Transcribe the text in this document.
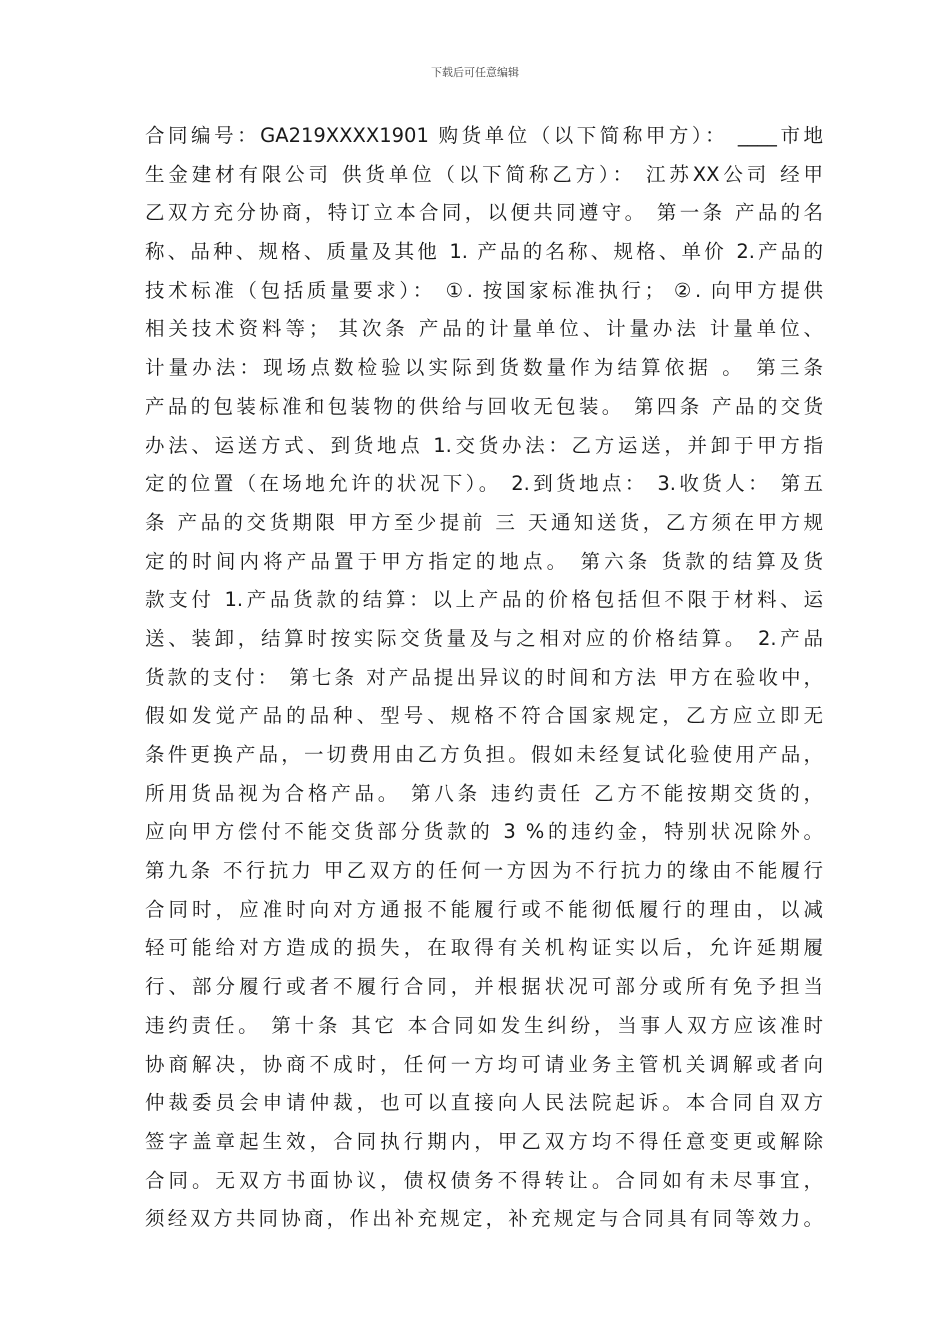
下载后可任意编辑
合同编号：GA219XXXX1901 购货单位（以下简称甲方）： ____市地
生金建材有限公司 供货单位（以下简称乙方）： 江苏XX公司 经甲
乙双方充分协商，特订立本合同，以便共同遵守。 第一条 产品的名
称、品种、规格、质量及其他 1. 产品的名称、规格、单价 2.产品的
技术标准（包括质量要求）： ①. 按国家标准执行； ②. 向甲方提供
相关技术资料等； 其次条 产品的计量单位、计量办法 计量单位、
计量办法：现场点数检验以实际到货数量作为结算依据 。 第三条
产品的包装标准和包装物的供给与回收无包装。 第四条 产品的交货
办法、运送方式、到货地点 1.交货办法：乙方运送，并卸于甲方指
定的位置（在场地允许的状况下）。 2.到货地点： 3.收货人： 第五
条 产品的交货期限 甲方至少提前 三 天通知送货，乙方须在甲方规
定的时间内将产品置于甲方指定的地点。 第六条 货款的结算及货
款支付 1.产品货款的结算：以上产品的价格包括但不限于材料、运
送、装卸，结算时按实际交货量及与之相对应的价格结算。 2.产品
货款的支付： 第七条 对产品提出异议的时间和方法 甲方在验收中，
假如发觉产品的品种、型号、规格不符合国家规定，乙方应立即无
条件更换产品，一切费用由乙方负担。假如未经复试化验使用产品，
所用货品视为合格产品。 第八条 违约责任 乙方不能按期交货的，
应向甲方偿付不能交货部分货款的 3 %的违约金，特别状况除外。
第九条 不行抗力 甲乙双方的任何一方因为不行抗力的缘由不能履行
合同时，应准时向对方通报不能履行或不能彻低履行的理由，以减
轻可能给对方造成的损失，在取得有关机构证实以后，允许延期履
行、部分履行或者不履行合同，并根据状况可部分或所有免予担当
违约责任。 第十条 其它 本合同如发生纠纷，当事人双方应该准时
协商解决，协商不成时，任何一方均可请业务主管机关调解或者向
仲裁委员会申请仲裁，也可以直接向人民法院起诉。本合同自双方
签字盖章起生效，合同执行期内，甲乙双方均不得任意变更或解除
合同。无双方书面协议，债权债务不得转让。合同如有未尽事宜，
须经双方共同协商，作出补充规定，补充规定与合同具有同等效力。
